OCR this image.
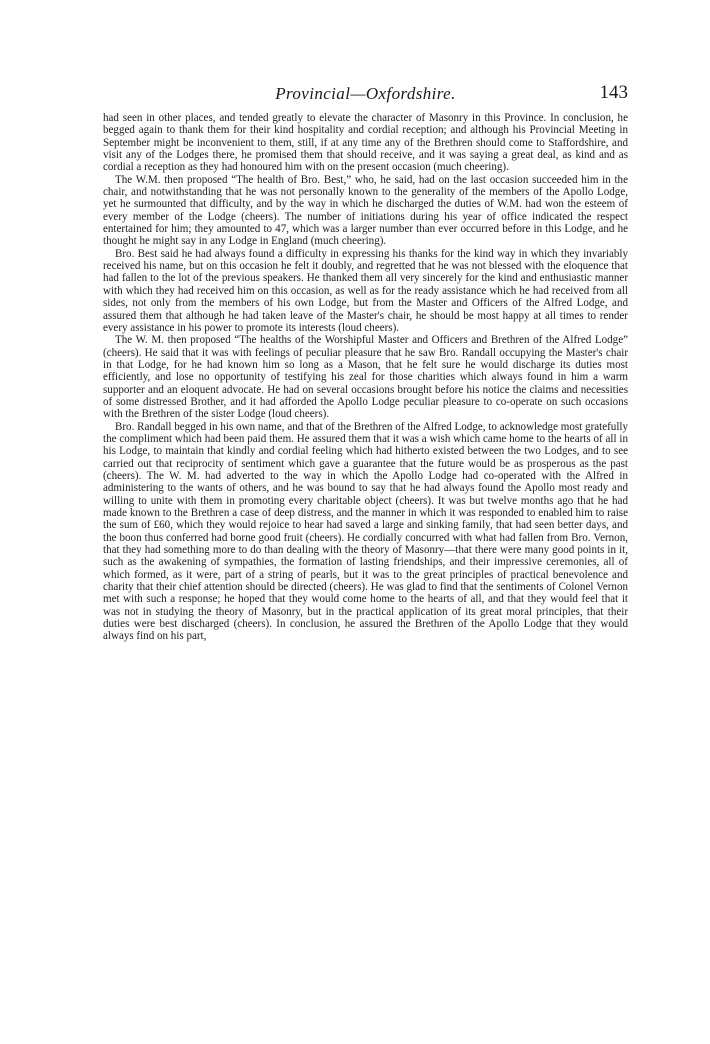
Provincial—Oxfordshire.	143

had seen in other places, and tended greatly to elevate the character of Masonry in this Province. In conclusion, he begged again to thank them for their kind hospitality and cordial reception; and although his Provincial Meeting in September might be inconvenient to them, still, if at any time any of the Brethren should come to Staffordshire, and visit any of the Lodges there, he promised them that should receive, and it was saying a great deal, as kind and as cordial a reception as they had honoured him with on the present occasion (much cheering).

The W.M. then proposed “The health of Bro. Best,” who, he said, had on the last occasion succeeded him in the chair, and notwithstanding that he was not personally known to the generality of the members of the Apollo Lodge, yet he surmounted that difficulty, and by the way in which he discharged the duties of W.M. had won the esteem of every member of the Lodge (cheers). The number of initiations during his year of office indicated the respect entertained for him; they amounted to 47, which was a larger number than ever occurred before in this Lodge, and he thought he might say in any Lodge in England (much cheering).

Bro. Best said he had always found a difficulty in expressing his thanks for the kind way in which they invariably received his name, but on this occasion he felt it doubly, and regretted that he was not blessed with the eloquence that had fallen to the lot of the previous speakers. He thanked them all very sincerely for the kind and enthusiastic manner with which they had received him on this occasion, as well as for the ready assistance which he had received from all sides, not only from the members of his own Lodge, but from the Master and Officers of the Alfred Lodge, and assured them that although he had taken leave of the Master's chair, he should be most happy at all times to render every assistance in his power to promote its interests (loud cheers).

The W. M. then proposed “The healths of the Worshipful Master and Officers and Brethren of the Alfred Lodge” (cheers). He said that it was with feelings of peculiar pleasure that he saw Bro. Randall occupying the Master's chair in that Lodge, for he had known him so long as a Mason, that he felt sure he would discharge its duties most efficiently, and lose no opportunity of testifying his zeal for those charities which always found in him a warm supporter and an eloquent advocate. He had on several occasions brought before his notice the claims and necessities of some distressed Brother, and it had afforded the Apollo Lodge peculiar pleasure to co-operate on such occasions with the Brethren of the sister Lodge (loud cheers).

Bro. Randall begged in his own name, and that of the Brethren of the Alfred Lodge, to acknowledge most gratefully the compliment which had been paid them. He assured them that it was a wish which came home to the hearts of all in his Lodge, to maintain that kindly and cordial feeling which had hitherto existed between the two Lodges, and to see carried out that reciprocity of sentiment which gave a guarantee that the future would be as prosperous as the past (cheers). The W. M. had adverted to the way in which the Apollo Lodge had co-operated with the Alfred in administering to the wants of others, and he was bound to say that he had always found the Apollo most ready and willing to unite with them in promoting every charitable object (cheers). It was but twelve months ago that he had made known to the Brethren a case of deep distress, and the manner in which it was responded to enabled him to raise the sum of £60, which they would rejoice to hear had saved a large and sinking family, that had seen better days, and the boon thus conferred had borne good fruit (cheers). He cordially concurred with what had fallen from Bro. Vernon, that they had something more to do than dealing with the theory of Masonry—that there were many good points in it, such as the awakening of sympathies, the formation of lasting friendships, and their impressive ceremonies, all of which formed, as it were, part of a string of pearls, but it was to the great principles of practical benevolence and charity that their chief attention should be directed (cheers). He was glad to find that the sentiments of Colonel Vernon met with such a response; he hoped that they would come home to the hearts of all, and that they would feel that it was not in studying the theory of Masonry, but in the practical application of its great moral principles, that their duties were best discharged (cheers). In conclusion, he assured the Brethren of the Apollo Lodge that they would always find on his part,
